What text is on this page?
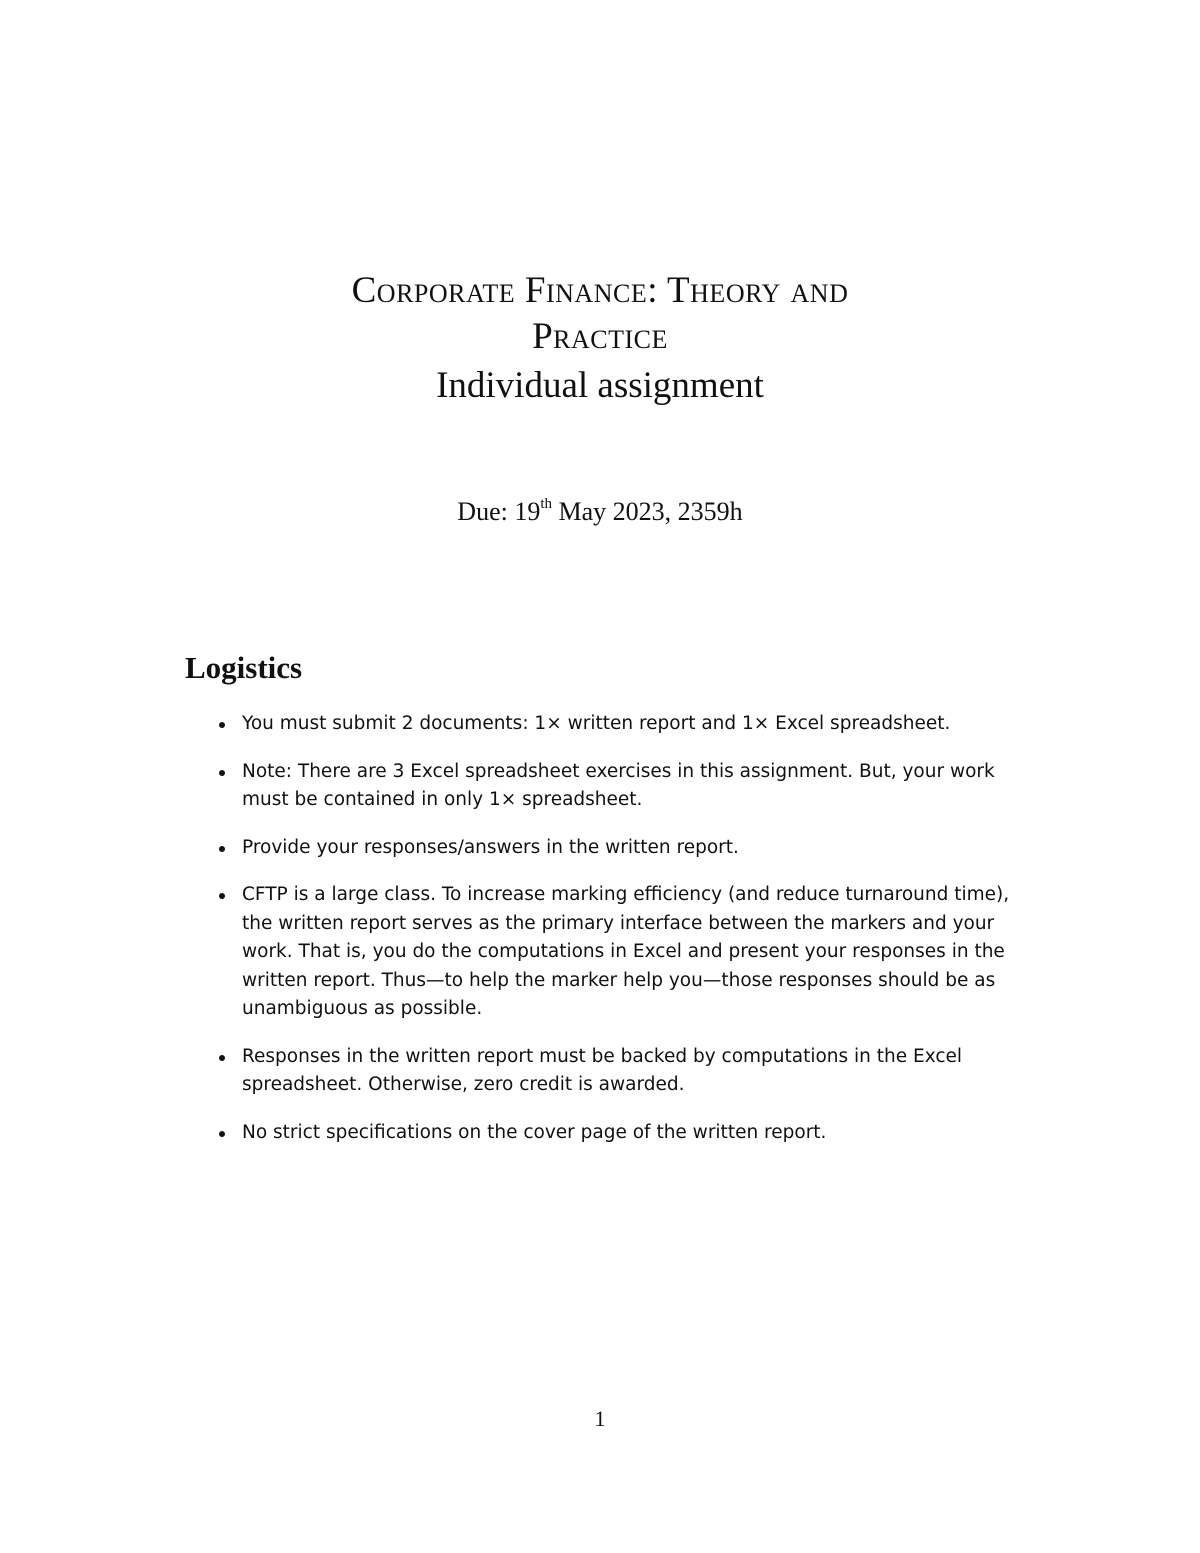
Corporate Finance: Theory and

Practice

Individual assignment

Due: 19th May 2023, 2359h
Logistics
You must submit 2 documents: 1× written report and 1× Excel spreadsheet.
Note: There are 3 Excel spreadsheet exercises in this assignment. But, your work must be contained in only 1× spreadsheet.
Provide your responses/answers in the written report.
CFTP is a large class. To increase marking efficiency (and reduce turnaround time), the written report serves as the primary interface between the markers and your work. That is, you do the computations in Excel and present your responses in the written report. Thus—to help the marker help you—those responses should be as unambiguous as possible.
Responses in the written report must be backed by computations in the Excel spreadsheet. Otherwise, zero credit is awarded.
No strict specifications on the cover page of the written report.
1
